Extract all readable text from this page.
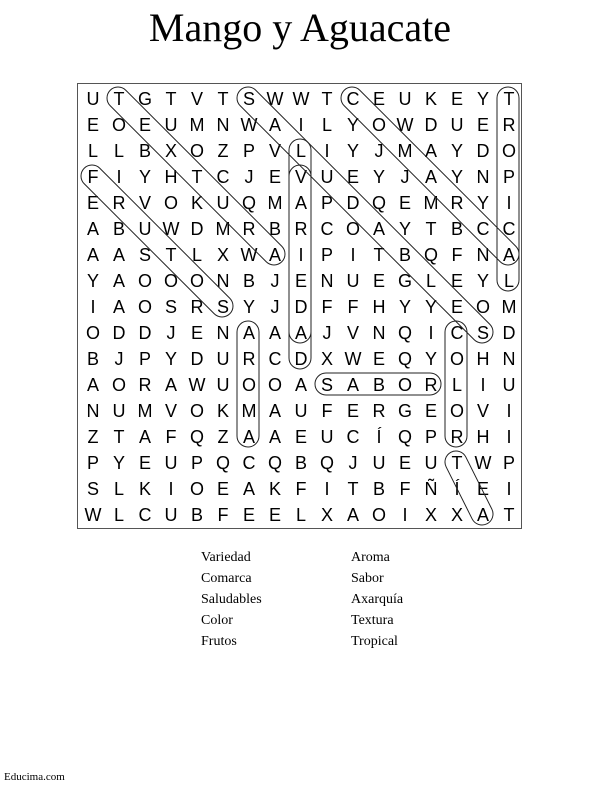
Mango y Aguacate
U T G T V T S W W T C E U K E Y T
E O E U M N W A I	L Y O W D U E R
L L B X O Z P V L	I Y J M A Y D O
F I Y H T C J E V U E Y J A Y N P
E R V O K U Q M A P D Q E M R Y I
A B U W D M R B R C O A Y T B C C
A A S T L X W A I P I	T B Q F N A
Y A O O O N B J E N U E G L E Y L
I A O S R S Y J D F F H Y Y E O M
O D D J E N A A A J V N Q I C S D
B J P Y D U R C D X W E Q Y O H N
A O R A W U O O A S A B O R L	I U
N U M V O K M A U F E R G E O V I
Z T A F Q Z A A E U C Í Q P R H I
P Y E U P Q C Q B Q J U E U T W P
S L K I O E A K F I	T B F Ñ Í E I
W L C U B F E E L X A O I X X A T
Variedad
Comarca
Saludables
Color
Frutos
Aroma
Sabor
Axarquía
Textura
Tropical
Educima.com
